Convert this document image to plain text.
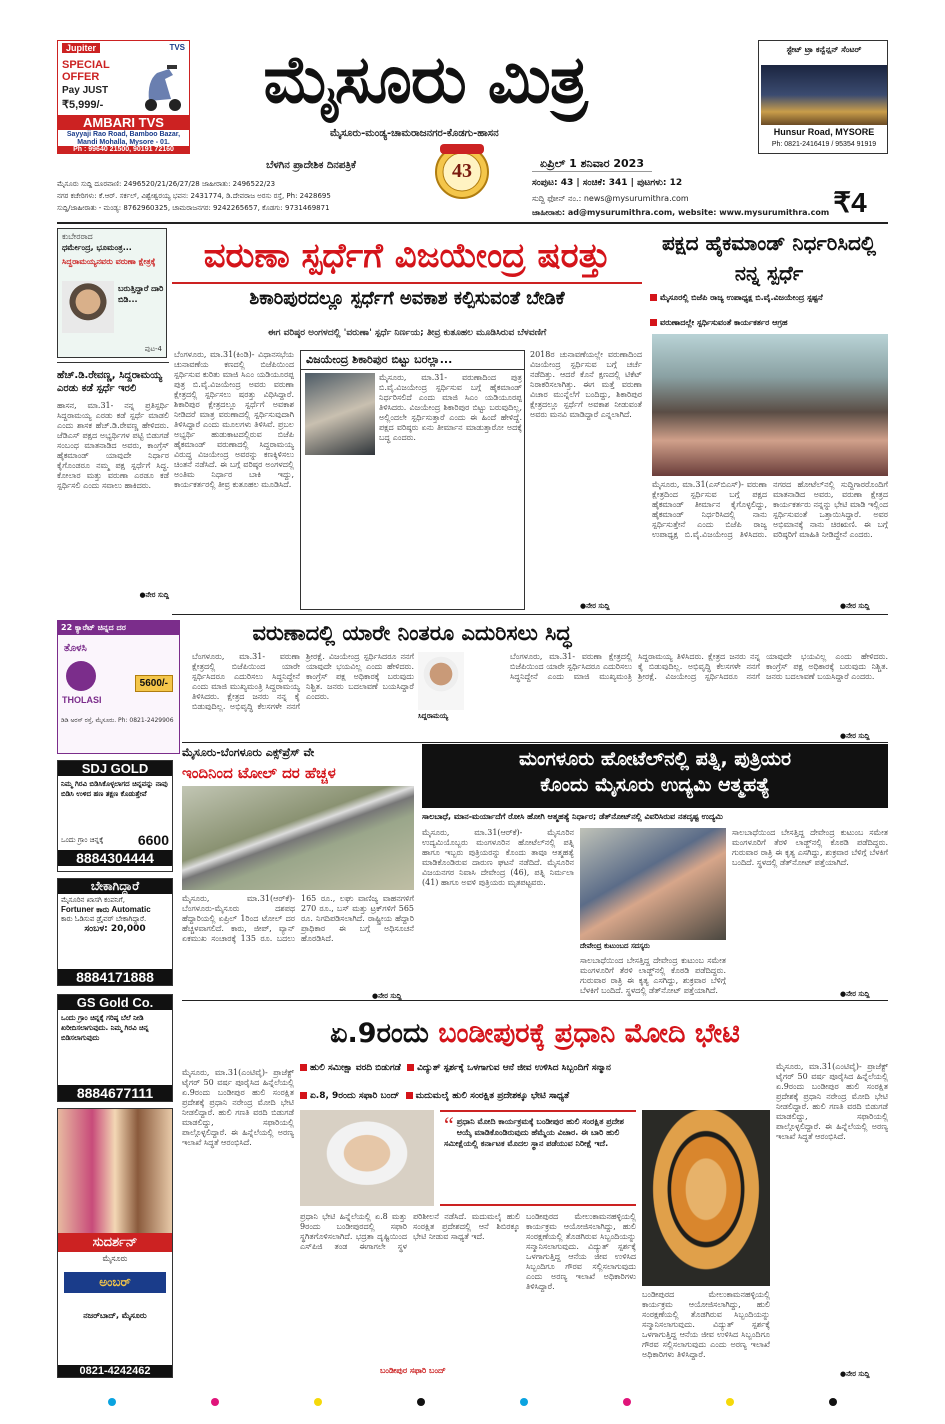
Jupiter	TVS
SPECIAL OFFER
Pay JUST
₹5,999/-
AMBARI TVS
Sayyaji Rao Road, Bamboo Bazar,
Mandi Mohalla, Mysore - 01.
Ph : 99640 21500, 90191 72160
ಮೈಸೂರು ಮಿತ್ರ
ಮೈಸೂರು-ಮಂಡ್ಯ-ಚಾಮರಾಜನಗರ-ಕೊಡಗು-ಹಾಸನ
ಬೆಳಗಿನ ಪ್ರಾದೇಶಿಕ ದಿನಪತ್ರಿಕೆ	43	ಏಪ್ರಿಲ್ 1 ಶನಿವಾರ 2023
ಸ್ಟೇಟ್ ಟ್ರಾ ಕನ್ವೆನ್ಷನ್ ಸೆಂಟರ್
Hunsur Road, MYSORE
Ph: 0821-2416419 / 95354 91919
ಸಂಪುಟ: 43 | ಸಂಚಿಕೆ: 341 | ಪುಟಗಳು: 12
ಮೈಸೂರು ಸುದ್ದಿ ದೂರವಾಣಿ: 2496520/21/26/27/28 ಜಾಹೀರಾತು: 2496522/23
ನಗರ ಕಚೇರಿಗಳು: ಕೆ.ಆರ್. ಸರ್ಕಲ್, ವಿಶ್ವೇಶ್ವರಯ್ಯ ಭವನ: 2431774, ಡಿ.ದೇವರಾಜ ಅರಸು ರಸ್ತೆ, Ph: 2428695
ಸುದ್ದಿ/ಜಾಹೀರಾತು - ಮಂಡ್ಯ: 8762960325, ಚಾಮರಾಜನಗರ: 9242265657, ಕೊಡಗು: 9731469871
ಸುದ್ದಿ ಫೋನ್ ನಂ.: news@mysurumithra.com
ಜಾಹೀರಾತು: ad@mysurumithra.com, website: www.mysurumithra.com ₹4
ಕುಬೇರರಾದ
ಧರ್ಮೇಂದ್ರ, ಭೂಮಂತ್ರ...
ಸಿದ್ದರಾಮಯ್ಯನವರು ವರುಣಾ ಕ್ಷೇತ್ರಕ್ಕೆ
ಬರುತ್ತಿದ್ದಾರೆ ದಾರಿ ಬಿಡಿ...
ಪುಟ-4
ವರುಣಾ ಸ್ಪರ್ಧೆಗೆ ವಿಜಯೇಂದ್ರ ಷರತ್ತು
ಶಿಕಾರಿಪುರದಲ್ಲೂ ಸ್ಪರ್ಧೆಗೆ ಅವಕಾಶ ಕಲ್ಪಿಸುವಂತೆ ಬೇಡಿಕೆ
ಈಗ ವರಿಷ್ಠರ ಅಂಗಳದಲ್ಲಿ 'ವರುಣಾ' ಸ್ಪರ್ಧೆ ನಿರ್ಣಯ; ತೀವ್ರ ಕುತೂಹಲ ಮೂಡಿಸಿರುವ ಬೆಳವಣಿಗೆ
ಹೆಚ್.ಡಿ.ರೇವಣ್ಣ, ಸಿದ್ದರಾಮಯ್ಯ ಎರಡು ಕಡೆ ಸ್ಪರ್ಧೆ ಇರಲಿ
ಹಾಸನ, ಮಾ.31- ನನ್ನ ಪ್ರತಿಸ್ಪರ್ಧಿ ಸಿದ್ದರಾಮಯ್ಯ ಎರಡು ಕಡೆ ಸ್ಪರ್ಧೆ ಮಾಡಲಿ ಎಂದು ಶಾಸಕ ಹೆಚ್.ಡಿ.ರೇವಣ್ಣ ಹೇಳಿದರು. ಜೆಡಿಎಸ್ ಪಕ್ಷದ ಅಭ್ಯರ್ಥಿಗಳ ಪಟ್ಟಿ ಬಿಡುಗಡೆ ಸಂಬಂಧ ಮಾತನಾಡಿದ ಅವರು, ಕಾಂಗ್ರೆಸ್ ಹೈಕಮಾಂಡ್ ಯಾವುದೇ ನಿರ್ಧಾರ ಕೈಗೊಂಡರೂ ನಮ್ಮ ಪಕ್ಷ ಸ್ಪರ್ಧೆಗೆ ಸಿದ್ಧ. ಕೋಲಾರ ಮತ್ತು ವರುಣಾ ಎರಡೂ ಕಡೆ ಸ್ಪರ್ಧಿಸಲಿ ಎಂದು ಸವಾಲು ಹಾಕಿದರು.
●ನೇರ ಸುದ್ದಿ
ಬೆಂಗಳೂರು, ಮಾ.31(ಕಿಂಡಿ)- ವಿಧಾನಸಭೆಯ ಚುನಾವಣೆಯ ಕಣದಲ್ಲಿ ಬಿಜೆಪಿಯಿಂದ ಸ್ಪರ್ಧಿಸುವ ಕುರಿತು ಮಾಜಿ ಸಿಎಂ ಯಡಿಯೂರಪ್ಪ ಪುತ್ರ ಬಿ.ವೈ.ವಿಜಯೇಂದ್ರ ಅವರು ವರುಣಾ ಕ್ಷೇತ್ರದಲ್ಲಿ ಸ್ಪರ್ಧಿಸಲು ಷರತ್ತು ವಿಧಿಸಿದ್ದಾರೆ. ಶಿಕಾರಿಪುರ ಕ್ಷೇತ್ರದಲ್ಲೂ ಸ್ಪರ್ಧೆಗೆ ಅವಕಾಶ ನೀಡಿದರೆ ಮಾತ್ರ ವರುಣಾದಲ್ಲಿ ಸ್ಪರ್ಧಿಸುವುದಾಗಿ ತಿಳಿಸಿದ್ದಾರೆ ಎಂದು ಮೂಲಗಳು ತಿಳಿಸಿವೆ. ಪ್ರಬಲ ಅಭ್ಯರ್ಥಿ ಹುಡುಕಾಟದಲ್ಲಿರುವ ಬಿಜೆಪಿ ಹೈಕಮಾಂಡ್ ವರುಣಾದಲ್ಲಿ ಸಿದ್ದರಾಮಯ್ಯ ವಿರುದ್ಧ ವಿಜಯೇಂದ್ರ ಅವರನ್ನು ಕಣಕ್ಕಿಳಿಸಲು ಚಿಂತನೆ ನಡೆಸಿದೆ. ಈ ಬಗ್ಗೆ ವರಿಷ್ಠರ ಅಂಗಳದಲ್ಲಿ ಅಂತಿಮ ನಿರ್ಧಾರ ಬಾಕಿ ಇದ್ದು, ಕಾರ್ಯಕರ್ತರಲ್ಲಿ ತೀವ್ರ ಕುತೂಹಲ ಮೂಡಿಸಿದೆ.
ವಿಜಯೇಂದ್ರ ಶಿಕಾರಿಪುರ ಬಿಟ್ಟು ಬರಲ್ಲಾ...
ಮೈಸೂರು, ಮಾ.31- ವರುಣಾದಿಂದ ಪುತ್ರ ಬಿ.ವೈ.ವಿಜಯೇಂದ್ರ ಸ್ಪರ್ಧಿಸುವ ಬಗ್ಗೆ ಹೈಕಮಾಂಡ್ ನಿರ್ಧರಿಸಲಿದೆ ಎಂದು ಮಾಜಿ ಸಿಎಂ ಯಡಿಯೂರಪ್ಪ ತಿಳಿಸಿದರು. ವಿಜಯೇಂದ್ರ ಶಿಕಾರಿಪುರ ಬಿಟ್ಟು ಬರುವುದಿಲ್ಲ, ಅಲ್ಲಿಂದಲೇ ಸ್ಪರ್ಧಿಸುತ್ತಾರೆ ಎಂದು ಈ ಹಿಂದೆ ಹೇಳಿದ್ದೆ. ಪಕ್ಷದ ವರಿಷ್ಠರು ಏನು ತೀರ್ಮಾನ ಮಾಡುತ್ತಾರೋ ಅದಕ್ಕೆ ಬದ್ಧ ಎಂದರು.
2018ರ ಚುನಾವಣೆಯಲ್ಲೇ ವರುಣಾದಿಂದ ವಿಜಯೇಂದ್ರ ಸ್ಪರ್ಧಿಸುವ ಬಗ್ಗೆ ಚರ್ಚೆ ನಡೆದಿತ್ತು. ಆದರೆ ಕೊನೆ ಕ್ಷಣದಲ್ಲಿ ಟಿಕೆಟ್ ನಿರಾಕರಿಸಲಾಗಿತ್ತು. ಈಗ ಮತ್ತೆ ವರುಣಾ ವಿಚಾರ ಮುನ್ನೆಲೆಗೆ ಬಂದಿದ್ದು, ಶಿಕಾರಿಪುರ ಕ್ಷೇತ್ರದಲ್ಲೂ ಸ್ಪರ್ಧೆಗೆ ಅವಕಾಶ ನೀಡುವಂತೆ ಅವರು ಮನವಿ ಮಾಡಿದ್ದಾರೆ ಎನ್ನಲಾಗಿದೆ.
●ನೇರ ಸುದ್ದಿ
ಪಕ್ಷದ ಹೈಕಮಾಂಡ್ ನಿರ್ಧರಿಸಿದಲ್ಲಿ ನನ್ನ ಸ್ಪರ್ಧೆ
ಮೈಸೂರಲ್ಲಿ ಬಿಜೆಪಿ ರಾಜ್ಯ ಉಪಾಧ್ಯಕ್ಷ ಬಿ.ವೈ.ವಿಜಯೇಂದ್ರ ಸ್ಪಷ್ಟನೆ
ವರುಣಾದಲ್ಲೇ ಸ್ಪರ್ಧಿಸುವಂತೆ ಕಾರ್ಯಕರ್ತರ ಆಗ್ರಹ
ಮೈಸೂರು, ಮಾ.31(ಎಸ್‌ಬಿಎಸ್)- ವರುಣಾ ಕ್ಷೇತ್ರದಿಂದ ಸ್ಪರ್ಧಿಸುವ ಬಗ್ಗೆ ಪಕ್ಷದ ಹೈಕಮಾಂಡ್ ತೀರ್ಮಾನ ಕೈಗೊಳ್ಳಲಿದ್ದು, ಹೈಕಮಾಂಡ್ ನಿರ್ಧರಿಸಿದಲ್ಲಿ ನಾನು ಸ್ಪರ್ಧಿಸುತ್ತೇನೆ ಎಂದು ಬಿಜೆಪಿ ರಾಜ್ಯ ಉಪಾಧ್ಯಕ್ಷ ಬಿ.ವೈ.ವಿಜಯೇಂದ್ರ ತಿಳಿಸಿದರು. ನಗರದ ಹೋಟೆಲ್‌ನಲ್ಲಿ ಸುದ್ದಿಗಾರರೊಂದಿಗೆ ಮಾತನಾಡಿದ ಅವರು, ವರುಣಾ ಕ್ಷೇತ್ರದ ಕಾರ್ಯಕರ್ತರು ನನ್ನನ್ನು ಭೇಟಿ ಮಾಡಿ ಇಲ್ಲಿಂದ ಸ್ಪರ್ಧಿಸುವಂತೆ ಒತ್ತಾಯಿಸಿದ್ದಾರೆ. ಅವರ ಅಭಿಮಾನಕ್ಕೆ ನಾನು ಚಿರಋಣಿ. ಈ ಬಗ್ಗೆ ವರಿಷ್ಠರಿಗೆ ಮಾಹಿತಿ ನೀಡಿದ್ದೇನೆ ಎಂದರು.
●ನೇರ ಸುದ್ದಿ
22 ಕ್ಯಾರೆಟ್ ಚಿನ್ನದ ದರ
ತೊಳಸಿ
THOLASI
5600/-
ಡಿಡಿ ಅರಸ್ ರಸ್ತೆ, ಮೈಸೂರು. Ph: 0821-2429906
ವರುಣಾದಲ್ಲಿ ಯಾರೇ ನಿಂತರೂ ಎದುರಿಸಲು ಸಿದ್ಧ
ಬೆಂಗಳೂರು, ಮಾ.31- ವರುಣಾ ಕ್ಷೇತ್ರದಲ್ಲಿ ಬಿಜೆಪಿಯಿಂದ ಯಾರೇ ಸ್ಪರ್ಧಿಸಿದರೂ ಎದುರಿಸಲು ಸಿದ್ಧನಿದ್ದೇನೆ ಎಂದು ಮಾಜಿ ಮುಖ್ಯಮಂತ್ರಿ ಸಿದ್ದರಾಮಯ್ಯ ತಿಳಿಸಿದರು. ಕ್ಷೇತ್ರದ ಜನರು ನನ್ನ ಕೈ ಬಿಡುವುದಿಲ್ಲ. ಅಭಿವೃದ್ಧಿ ಕೆಲಸಗಳೇ ನನಗೆ ಶ್ರೀರಕ್ಷೆ. ವಿಜಯೇಂದ್ರ ಸ್ಪರ್ಧಿಸಿದರೂ ನನಗೆ ಯಾವುದೇ ಭಯವಿಲ್ಲ ಎಂದು ಹೇಳಿದರು. ಕಾಂಗ್ರೆಸ್ ಪಕ್ಷ ಅಧಿಕಾರಕ್ಕೆ ಬರುವುದು ನಿಶ್ಚಿತ. ಜನರು ಬದಲಾವಣೆ ಬಯಸಿದ್ದಾರೆ ಎಂದರು.
ಸಿದ್ದರಾಮಯ್ಯ
ಬೆಂಗಳೂರು, ಮಾ.31- ವರುಣಾ ಕ್ಷೇತ್ರದಲ್ಲಿ ಬಿಜೆಪಿಯಿಂದ ಯಾರೇ ಸ್ಪರ್ಧಿಸಿದರೂ ಎದುರಿಸಲು ಸಿದ್ಧನಿದ್ದೇನೆ ಎಂದು ಮಾಜಿ ಮುಖ್ಯಮಂತ್ರಿ ಸಿದ್ದರಾಮಯ್ಯ ತಿಳಿಸಿದರು. ಕ್ಷೇತ್ರದ ಜನರು ನನ್ನ ಕೈ ಬಿಡುವುದಿಲ್ಲ. ಅಭಿವೃದ್ಧಿ ಕೆಲಸಗಳೇ ನನಗೆ ಶ್ರೀರಕ್ಷೆ. ವಿಜಯೇಂದ್ರ ಸ್ಪರ್ಧಿಸಿದರೂ ನನಗೆ ಯಾವುದೇ ಭಯವಿಲ್ಲ ಎಂದು ಹೇಳಿದರು. ಕಾಂಗ್ರೆಸ್ ಪಕ್ಷ ಅಧಿಕಾರಕ್ಕೆ ಬರುವುದು ನಿಶ್ಚಿತ. ಜನರು ಬದಲಾವಣೆ ಬಯಸಿದ್ದಾರೆ ಎಂದರು.
●ನೇರ ಸುದ್ದಿ
SDJ GOLD
ನಿಮ್ಮ ಗಿರವಿ ಬಿಡಿಸಿಕೊಳ್ಳಲಾಗದ ಚಿನ್ನವನ್ನು ನಾವು ಬಿಡಿಸಿ ಉಳಿದ ಹಣ ತಕ್ಷಣ ಕೊಡುತ್ತೇವೆ
ಒಂದು ಗ್ರಾಂ ಚಿನ್ನಕ್ಕೆ 6600
8884304444
ಬೇಕಾಗಿದ್ದಾರೆ
ಮೈಸೂರಿನ ಖಾಸಗಿ ಕಂಪನಿಗೆ,
Fortuner ಕಾರು Automatic
ಕಾರು ಓಡಿಸುವ ಡ್ರೈವರ್ ಬೇಕಾಗಿದ್ದಾರೆ.
ಸಂಬಳ: 20,000
8884171888
GS Gold Co.
ಒಂದು ಗ್ರಾಂ ಚಿನ್ನಕ್ಕೆ ಗರಿಷ್ಠ ಬೆಲೆ ನೀಡಿ ಖರೀದಿಸಲಾಗುವುದು. ನಿಮ್ಮ ಗಿರವಿ ಚಿನ್ನ ಬಿಡಿಸಲಾಗುವುದು
8884677111
ಸುದರ್ಶನ್
ಮೈಸೂರು
ಅಂಬರ್
ನಜರ್‌ಬಾದ್, ಮೈಸೂರು
0821-4242462
ಮೈಸೂರು-ಬೆಂಗಳೂರು ಎಕ್ಸ್‌ಪ್ರೆಸ್ ವೇ
ಇಂದಿನಿಂದ ಟೋಲ್ ದರ ಹೆಚ್ಚಳ
ಮೈಸೂರು, ಮಾ.31(ಆರ್‌ಕೆ)- ಬೆಂಗಳೂರು-ಮೈಸೂರು ದಶಪಥ ಹೆದ್ದಾರಿಯಲ್ಲಿ ಏಪ್ರಿಲ್ 1ರಿಂದ ಟೋಲ್ ದರ ಹೆಚ್ಚಳವಾಗಲಿದೆ. ಕಾರು, ಜೀಪ್, ವ್ಯಾನ್ ಏಕಮುಖ ಸಂಚಾರಕ್ಕೆ 135 ರೂ. ಬದಲು 165 ರೂ., ಲಘು ವಾಣಿಜ್ಯ ವಾಹನಗಳಿಗೆ 270 ರೂ., ಬಸ್ ಮತ್ತು ಟ್ರಕ್‌ಗಳಿಗೆ 565 ರೂ. ನಿಗದಿಪಡಿಸಲಾಗಿದೆ. ರಾಷ್ಟ್ರೀಯ ಹೆದ್ದಾರಿ ಪ್ರಾಧಿಕಾರ ಈ ಬಗ್ಗೆ ಅಧಿಸೂಚನೆ ಹೊರಡಿಸಿದೆ.
●ನೇರ ಸುದ್ದಿ
ಮಂಗಳೂರು ಹೋಟೆಲ್‌ನಲ್ಲಿ ಪತ್ನಿ, ಪುತ್ರಿಯರ
ಕೊಂದು ಮೈಸೂರು ಉದ್ಯಮಿ ಆತ್ಮಹತ್ಯೆ
ಸಾಲಬಾಧೆ, ಮಾನ-ಮರ್ಯಾದೆಗೆ ರೋಸಿ ಹೋಗಿ ಆತ್ಮಹತ್ಯೆ ನಿರ್ಧಾರ; ಡೆತ್‌ನೋಟ್‌ನಲ್ಲಿ ವಿವರಿಸಿರುವ ನತದೃಷ್ಟ ಉದ್ಯಮಿ
ಮೈಸೂರು, ಮಾ.31(ಆರ್‌ಕೆ)- ಮೈಸೂರಿನ ಉದ್ಯಮಿಯೊಬ್ಬರು ಮಂಗಳೂರಿನ ಹೋಟೆಲ್‌ನಲ್ಲಿ ಪತ್ನಿ ಹಾಗೂ ಇಬ್ಬರು ಪುತ್ರಿಯರನ್ನು ಕೊಂದು ತಾವೂ ಆತ್ಮಹತ್ಯೆ ಮಾಡಿಕೊಂಡಿರುವ ದಾರುಣ ಘಟನೆ ನಡೆದಿದೆ. ಮೈಸೂರಿನ ವಿಜಯನಗರ ನಿವಾಸಿ ದೇವೇಂದ್ರ (46), ಪತ್ನಿ ನಿರ್ಮಲಾ (41) ಹಾಗೂ ಅವಳಿ ಪುತ್ರಿಯರು ಮೃತಪಟ್ಟವರು.
ದೇವೇಂದ್ರ ಕುಟುಂಬದ ಸದಸ್ಯರು
ಸಾಲಬಾಧೆಯಿಂದ ಬೇಸತ್ತಿದ್ದ ದೇವೇಂದ್ರ ಕುಟುಂಬ ಸಮೇತ ಮಂಗಳೂರಿಗೆ ತೆರಳಿ ಲಾಡ್ಜ್‌ನಲ್ಲಿ ಕೊಠಡಿ ಪಡೆದಿದ್ದರು. ಗುರುವಾರ ರಾತ್ರಿ ಈ ಕೃತ್ಯ ಎಸಗಿದ್ದು, ಶುಕ್ರವಾರ ಬೆಳಿಗ್ಗೆ ಬೆಳಕಿಗೆ ಬಂದಿದೆ. ಸ್ಥಳದಲ್ಲಿ ಡೆತ್‌ನೋಟ್ ಪತ್ತೆಯಾಗಿದೆ.
ಸಾಲಬಾಧೆಯಿಂದ ಬೇಸತ್ತಿದ್ದ ದೇವೇಂದ್ರ ಕುಟುಂಬ ಸಮೇತ ಮಂಗಳೂರಿಗೆ ತೆರಳಿ ಲಾಡ್ಜ್‌ನಲ್ಲಿ ಕೊಠಡಿ ಪಡೆದಿದ್ದರು. ಗುರುವಾರ ರಾತ್ರಿ ಈ ಕೃತ್ಯ ಎಸಗಿದ್ದು, ಶುಕ್ರವಾರ ಬೆಳಿಗ್ಗೆ ಬೆಳಕಿಗೆ ಬಂದಿದೆ. ಸ್ಥಳದಲ್ಲಿ ಡೆತ್‌ನೋಟ್ ಪತ್ತೆಯಾಗಿದೆ.
●ನೇರ ಸುದ್ದಿ
ಏ.9ರಂದು ಬಂಡೀಪುರಕ್ಕೆ ಪ್ರಧಾನಿ ಮೋದಿ ಭೇಟಿ
ಮೈಸೂರು, ಮಾ.31(ಎಂಟಿವೈ)- ಪ್ರಾಜೆಕ್ಟ್ ಟೈಗರ್ 50 ವರ್ಷ ಪೂರೈಸಿದ ಹಿನ್ನೆಲೆಯಲ್ಲಿ ಏ.9ರಂದು ಬಂಡೀಪುರ ಹುಲಿ ಸಂರಕ್ಷಿತ ಪ್ರದೇಶಕ್ಕೆ ಪ್ರಧಾನಿ ನರೇಂದ್ರ ಮೋದಿ ಭೇಟಿ ನೀಡಲಿದ್ದಾರೆ. ಹುಲಿ ಗಣತಿ ವರದಿ ಬಿಡುಗಡೆ ಮಾಡಲಿದ್ದು, ಸಫಾರಿಯಲ್ಲಿ ಪಾಲ್ಗೊಳ್ಳಲಿದ್ದಾರೆ. ಈ ಹಿನ್ನೆಲೆಯಲ್ಲಿ ಅರಣ್ಯ ಇಲಾಖೆ ಸಿದ್ಧತೆ ಆರಂಭಿಸಿದೆ.
ಹುಲಿ ಸಮೀಕ್ಷಾ ವರದಿ ಬಿಡುಗಡೆ ವಿದ್ಯುತ್ ಸ್ಪರ್ಶಕ್ಕೆ ಒಳಗಾಗುವ ಆನೆ ಜೀವ ಉಳಿಸಿದ ಸಿಬ್ಬಂದಿಗೆ ಸನ್ಮಾನ
ಏ.8, 9ರಂದು ಸಫಾರಿ ಬಂದ್ ಮದುಮಲೈ ಹುಲಿ ಸಂರಕ್ಷಿತ ಪ್ರದೇಶಕ್ಕೂ ಭೇಟಿ ಸಾಧ್ಯತೆ
“ ಪ್ರಧಾನಿ ಮೋದಿ ಕಾರ್ಯಕ್ರಮಕ್ಕೆ ಬಂಡೀಪುರ ಹುಲಿ ಸಂರಕ್ಷಿತ ಪ್ರದೇಶ ಆಯ್ಕೆ ಮಾಡಿಕೊಂಡಿರುವುದು ಹೆಮ್ಮೆಯ ವಿಚಾರ. ಈ ಬಾರಿ ಹುಲಿ ಸಮೀಕ್ಷೆಯಲ್ಲಿ ಕರ್ನಾಟಕ ಮೊದಲ ಸ್ಥಾನ ಪಡೆಯುವ ನಿರೀಕ್ಷೆ ಇದೆ.
ಪ್ರಧಾನಿ ಭೇಟಿ ಹಿನ್ನೆಲೆಯಲ್ಲಿ ಏ.8 ಮತ್ತು 9ರಂದು ಬಂಡೀಪುರದಲ್ಲಿ ಸಫಾರಿ ಸ್ಥಗಿತಗೊಳಿಸಲಾಗಿದೆ. ಭದ್ರತಾ ದೃಷ್ಟಿಯಿಂದ ಎಸ್‌ಪಿಜಿ ತಂಡ ಈಗಾಗಲೇ ಸ್ಥಳ ಪರಿಶೀಲನೆ ನಡೆಸಿದೆ. ಮದುಮಲೈ ಹುಲಿ ಸಂರಕ್ಷಿತ ಪ್ರದೇಶದಲ್ಲಿ ಆನೆ ಶಿಬಿರಕ್ಕೂ ಭೇಟಿ ನೀಡುವ ಸಾಧ್ಯತೆ ಇದೆ.
ಬಂಡೀಪುರ ಸಫಾರಿ ಬಂದ್
ಬಂಡೀಪುರದ ಮೇಲುಕಾಮನಹಳ್ಳಿಯಲ್ಲಿ ಕಾರ್ಯಕ್ರಮ ಆಯೋಜಿಸಲಾಗಿದ್ದು, ಹುಲಿ ಸಂರಕ್ಷಣೆಯಲ್ಲಿ ತೊಡಗಿರುವ ಸಿಬ್ಬಂದಿಯನ್ನು ಸನ್ಮಾನಿಸಲಾಗುವುದು. ವಿದ್ಯುತ್ ಸ್ಪರ್ಶಕ್ಕೆ ಒಳಗಾಗುತ್ತಿದ್ದ ಆನೆಯ ಜೀವ ಉಳಿಸಿದ ಸಿಬ್ಬಂದಿಗೂ ಗೌರವ ಸಲ್ಲಿಸಲಾಗುವುದು ಎಂದು ಅರಣ್ಯ ಇಲಾಖೆ ಅಧಿಕಾರಿಗಳು ತಿಳಿಸಿದ್ದಾರೆ.
ಬಂಡೀಪುರದ ಮೇಲುಕಾಮನಹಳ್ಳಿಯಲ್ಲಿ ಕಾರ್ಯಕ್ರಮ ಆಯೋಜಿಸಲಾಗಿದ್ದು, ಹುಲಿ ಸಂರಕ್ಷಣೆಯಲ್ಲಿ ತೊಡಗಿರುವ ಸಿಬ್ಬಂದಿಯನ್ನು ಸನ್ಮಾನಿಸಲಾಗುವುದು. ವಿದ್ಯುತ್ ಸ್ಪರ್ಶಕ್ಕೆ ಒಳಗಾಗುತ್ತಿದ್ದ ಆನೆಯ ಜೀವ ಉಳಿಸಿದ ಸಿಬ್ಬಂದಿಗೂ ಗೌರವ ಸಲ್ಲಿಸಲಾಗುವುದು ಎಂದು ಅರಣ್ಯ ಇಲಾಖೆ ಅಧಿಕಾರಿಗಳು ತಿಳಿಸಿದ್ದಾರೆ.
ಮೈಸೂರು, ಮಾ.31(ಎಂಟಿವೈ)- ಪ್ರಾಜೆಕ್ಟ್ ಟೈಗರ್ 50 ವರ್ಷ ಪೂರೈಸಿದ ಹಿನ್ನೆಲೆಯಲ್ಲಿ ಏ.9ರಂದು ಬಂಡೀಪುರ ಹುಲಿ ಸಂರಕ್ಷಿತ ಪ್ರದೇಶಕ್ಕೆ ಪ್ರಧಾನಿ ನರೇಂದ್ರ ಮೋದಿ ಭೇಟಿ ನೀಡಲಿದ್ದಾರೆ. ಹುಲಿ ಗಣತಿ ವರದಿ ಬಿಡುಗಡೆ ಮಾಡಲಿದ್ದು, ಸಫಾರಿಯಲ್ಲಿ ಪಾಲ್ಗೊಳ್ಳಲಿದ್ದಾರೆ. ಈ ಹಿನ್ನೆಲೆಯಲ್ಲಿ ಅರಣ್ಯ ಇಲಾಖೆ ಸಿದ್ಧತೆ ಆರಂಭಿಸಿದೆ.
●ನೇರ ಸುದ್ದಿ
